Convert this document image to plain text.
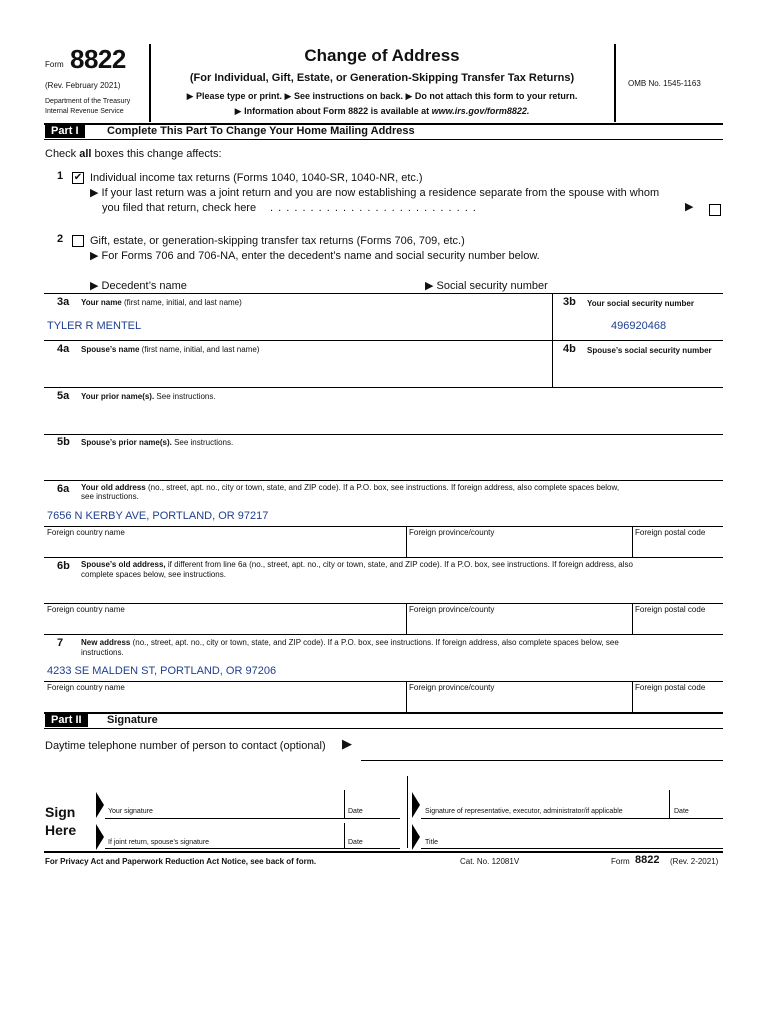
Form 8822
(Rev. February 2021)
Department of the Treasury
Internal Revenue Service
Change of Address
(For Individual, Gift, Estate, or Generation-Skipping Transfer Tax Returns)
▶ Please type or print. ▶ See instructions on back. ▶ Do not attach this form to your return.
▶ Information about Form 8822 is available at www.irs.gov/form8822.
OMB No. 1545-1163
Part I	Complete This Part To Change Your Home Mailing Address
Check all boxes this change affects:
1 ✔ Individual income tax returns (Forms 1040, 1040-SR, 1040-NR, etc.)
▶ If your last return was a joint return and you are now establishing a residence separate from the spouse with whom
you filed that return, check here . . . . . . . . . . . . . . . . . . . . . . . . . .	▶
2 Gift, estate, or generation-skipping transfer tax returns (Forms 706, 709, etc.)
▶ For Forms 706 and 706-NA, enter the decedent’s name and social security number below.
▶ Decedent’s name	▶ Social security number
3a Your name (first name, initial, and last name)
TYLER R MENTEL
3b Your social security number
496920468
4a Spouse’s name (first name, initial, and last name)	4b Spouse’s social security number
5a Your prior name(s). See instructions.
5b Spouse’s prior name(s). See instructions.
6a Your old address (no., street, apt. no., city or town, state, and ZIP code). If a P.O. box, see instructions. If foreign address, also complete spaces below,
see instructions.
7656 N KERBY AVE, PORTLAND, OR 97217
Foreign country name	Foreign province/county	Foreign postal code
6b Spouse’s old address, if different from line 6a (no., street, apt. no., city or town, state, and ZIP code). If a P.O. box, see instructions. If foreign address, also
complete spaces below, see instructions.
Foreign country name	Foreign province/county	Foreign postal code
7 New address (no., street, apt. no., city or town, state, and ZIP code). If a P.O. box, see instructions. If foreign address, also complete spaces below, see
instructions.
4233 SE MALDEN ST, PORTLAND, OR 97206
Foreign country name	Foreign province/county	Foreign postal code
Part II	Signature
Daytime telephone number of person to contact (optional) ▶
Sign
Here
Your signature	Date
If joint return, spouse’s signature	Date
Signature of representative, executor, administrator/if applicable	Date
Title
For Privacy Act and Paperwork Reduction Act Notice, see back of form.	Cat. No. 12081V	Form 8822 (Rev. 2-2021)
